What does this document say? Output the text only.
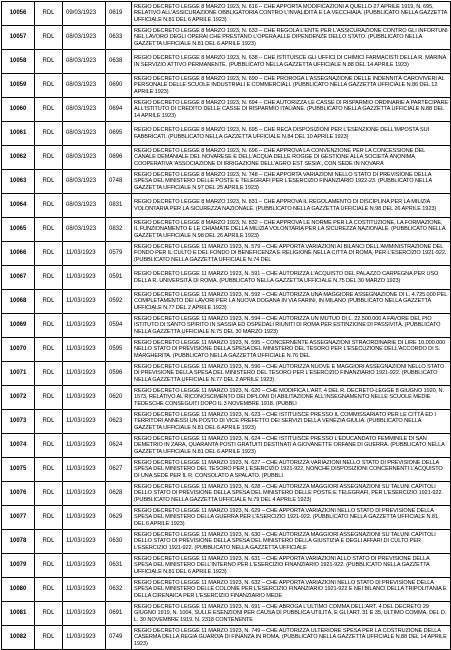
10056	RDL	09/03/1923	0619	REGIO DECRETO LEGGE 8 MARZO 1923, N. 616 – CHE APPORTA MODIFICAZIONI A QUELLO 27 APRILE 1919, N. 695, RELATIVO ALL'ASSICURAZIONE OBBLIGATORIA CONTRO L'INVALIDITÀ E LA VECCHIAIA. (PUBBLICATO NELLA GAZZETTA UFFICIALE N.81 DEL 6 APRILE 1923)
10057	RDL	08/03/1923	0633	REGIO DECRETO LEGGE 8 MARZO 1923, N. 633 – CHE REGOLA L'ENTE PER L'ASSICURAZIONE CONTRO GLI INFORTUNI NEL LAVORO DEGLI OPERAI CHE PRESTANO L'OPERA ALLE DIPENDENZE DELLO STATO. (PUBBLICATO NELLA GAZZETTA UFFICIALE N.81 DEL 6 APRILE 1923)
10058	RDL	08/03/1923	0638	REGIO DECRETO LEGGE 8 MARZO 1923, N. 638 – CHE ISTITUISCE GLI UFFICI DI CHIMICI FARMACISTI DELLA R. MARINA IN SERVIZIO ATTIVO PERMANENTE. (PUBBLICATO NELLA GAZZETTA UFFICIALE N.88 DEL 14 APRILE 1923)
10059	RDL	08/03/1923	0690	REGIO DECRETO LEGGE 8 MARZO 1923, N. 690 – CHE PROROGA L'ASSEGNAZIONE DELLE INDENNITÀ CAROVIVERI AL PERSONALE DELLE SCUOLE INDUSTRIALI E COMMERCIALI. (PUBBLICATO NELLA GAZZETTA UFFICIALE N.86 DEL 12 APRILE 1923)
10060	RDL	08/03/1923	0694	REGIO DECRETO LEGGE 8 MARZO 1923, N. 694 – CHE AUTORIZZA LE CASSE DI RISPARMIO ORDINARIE A PARTECIPARE ALL'ISTITUTO DI CREDITO DELLE CASSE DI RISPARMIO ITALIANE. (PUBBLICATO NELLA GAZZETTA UFFICIALE N.88 DEL 14 APRILE 1923)
10061	RDL	08/03/1923	0695	REGIO DECRETO LEGGE 8 MARZO 1923, N. 695 – CHE RECA DISPOSIZIONI PER L'ESENZIONE DELL'IMPOSTA SUI FABBRICATI. (PUBBLICATO NELLA GAZZETTA UFFICIALE N.84 DEL 10 APRILE 1923)
10062	RDL	08/03/1923	0696	REGIO DECRETO LEGGE 8 MARZO 1923, N. 696 – CHE APPROVA LA CONVENZIONE PER LA CONCESSIONE DEL CANALE DEMANIALE DEL NOVARESE E DELL'ACQUA DELLE ROGGE DI GESTIONE ALLA SOCIETÀ ANONIMA COOPERATIVA 'ASSOCIAZIONE DI IRRIGAZIONE DELL'AGRO EST SESIA', CON SEDE IN NOVARA
10063	RDL	08/03/1923	0748	REGIO DECRETO LEGGE 8 MARZO 1923, N. 748 – CHE APPORTA VARIAZIONI NELLO STATO DI PREVISIONE DELLA SPESA DEL MINISTERO DELLE POSTE E TELEGRAFI PER L'ESERCIZIO FINANZIARIO 1922-23. (PUBBLICATO NELLA GAZZETTA UFFICIALE N.97 DEL 25 APRILE 1923)
10064	RDL	08/03/1923	0831	REGIO DECRETO LEGGE 8 MARZO 1923, N. 831 – CHE APPROVA IL REGOLAMENTO DI DISCIPLINA PER LA MILIZIA VOLONTARIA PER LA SICUREZZA NAZIONALE. (PUBBLICATO NELLA GAZZETTA UFFICIALE N.98 DEL 26 APRILE 1923)
10065	RDL	08/03/1923	0832	REGIO DECRETO LEGGE 8 MARZO 1923, N. 832 – CHE APPROVA LE NORME PER LA COSTITUZIONE, LA FORMAZIONE, IL FUNZIONAMENTO E LE CHIAMATE DELLA MILIZIA VOLONTARIA PER LA SICUREZZA NAZIONALE. (PUBBLICATO NELLA GAZZETTA UFFICIALE N.98 DEL 26 APRILE 1923)
10066	RDL	11/03/1923	0579	REGIO DECRETO LEGGE 11 MARZO 1923, N. 579 – CHE APPORTA VARIAZIONI AI BILANCI DELL'AMMINISTRAZIONE DEL FONDO PER IL CULTO E DEL FONDO DI BENEFICENZA E RELIGIONE NELLA CITTÀ DI ROMA, PER L'ESERCIZIO 1921-922. (PUBBLICATO NELLA GAZZETTA UFFICIALE N.74 DEL
10067	RDL	11/03/1923	0591	REGIO DECRETO LEGGE 11 MARZO 1923, N. 591 – CHE AUTORIZZA L'ACQUISTO DEL PALAZZO CARPEGNA PER USO DELLA R. UNIVERSITÀ DI ROMA. (PUBBLICATO NELLA GAZZETTA UFFICIALE N.75 DEL 30 MARZO 1923)
10068	RDL	11/03/1923	0592	REGIO DECRETO LEGGE 11 MARZO 1923, N. 592 – CHE AUTORIZZA UNA MAGGIORE ASSEGNAZIONE DI L. 4.725.000 PEL COMPLETAMENTO DEI LAVORI PER LA NUOVA DOGANA IN VIA FARINI, IN MILANO (PUBBLICATO NELLA GAZZETTA UFFICIALE N.77 DEL 2 APRILE 1923)
10069	RDL	11/03/1923	0594	REGIO DECRETO LEGGE 11 MARZO 1923, N. 594 – CHE AUTORIZZA UN MUTUO DI L. 22.500.000 A FAVORE DEL PIO ISTITUTO DI SANTO SPIRITO IN SASSIA ED OSPEDALI RIUNITI DI ROMA PER ESTINZIONE DI PASSIVITÀ. (PUBBLICATO NELLA GAZZETTA UFFICIALE N.75 DEL 30 MARZO 1923)
10070	RDL	11/03/1923	0595	REGIO DECRETO LEGGE 11 MARZO 1923, N. 595 – CONCERNENTE ASSEGNAZIONI STRAORDINARIE DI LIRE 10.000.000 NELLO STATO DI PREVISIONE DELLA SPESA DEL MINISTERO DEL TESORO PER L'ESECUZIONE DELL'ACCORDO DI S. MARGHERITA. (PUBBLICATO NELLA GAZZETTA UFFICIALE N.76 DEL
10071	RDL	11/03/1923	0596	REGIO DECRETO LEGGE 11 MARZO 1923, N. 596 – CHE AUTORIZZA NUOVE E MAGGIORI ASSEGNAZIONI NELLO STATO DI PREVISIONE DELLA SPESA DEL MINISTERO DEL TESORO PER L'ESERCIZIO FINANZIARIO 1921-922. (PUBBLICATO NELLA GAZZETTA UFFICIALE N.77 DEL 2 APRILE 1923)
10072	RDL	11/03/1923	0620	REGIO DECRETO LEGGE 11 MARZO 1923, N. 620 – CHE MODIFICA L'ART. 4 DEL R. DECRETO-LEGGE 8 GIUGNO 1920, N. 1573, RELATIVO AL RICONOSCIMENTO DEI DIPLOMI DI ABILITAZIONE ALL'INSEGNAMENTO NELLE SCUOLE MEDIE TEDESCHE CONSEGUITI DOPO IL 3 NOVEMBRE 1918. (PUBBLI
10073	RDL	11/03/1923	0623	REGIO DECRETO LEGGE 11 MARZO 1923, N. 623 – CHE ISTITUISCE PRESSO IL COMMISSARIATO PER LE CITTÀ ED I TERRITORI ANNESSI UN POSTO DI VICE PREFETTO DEI SERVIZI DELLA VENEZIA GIULIA. (PUBBLICATO NELLA GAZZETTA UFFICIALE N.81 DEL 6 APRILE 1923)
10074	RDL	11/03/1923	0624	REGIO DECRETO LEGGE 11 MARZO 1923, N. 624 – CHE ISTITUISCE PRESSO L'EDUCANDATO FEMMINILE DI SAN DEMETRIO IN ZARA, QUARANTA POSTI GRATUITI DESTINATI A GIOVANETTE ORFANE DI GUERRA. (PUBBLICATO NELLA GAZZETTA UFFICIALE N.81 DEL 6 APRILE 1923)
10075	RDL	11/03/1923	0627	REGIO DECRETO LEGGE 11 MARZO 1923, N. 627 – CHE AUTORIZZA VARIAZIONI NELLO STATO DI PREVISIONE DELLA SPESA DEL MINISTERO DEL TESORO PER L'ESERCIZIO 1921-922, NONCHÉ DISPOSIZIONI CONCERNENTI L'ACQUISTO DI UNA SEDE PER IL R. CONSOLATO A SPALATO. (PUBBLI
10076	RDL	11/03/1923	0628	REGIO DECRETO LEGGE 11 MARZO 1923, N. 628 – CHE AUTORIZZA MAGGIORI ASSEGNAZIONI SU TALUNI CAPITOLI DELLO STATO DI PREVISIONE DELLA SPESA DEL MINISTERO DELLE POSTE E TELEGRAFI, PER L'ESERCIZIO 1921-922. (PUBBLICATO NELLA GAZZETTA UFFICIALE N.79 DEL 4 APRILE 1923)
10077	RDL	11/03/1923	0629	REGIO DECRETO LEGGE 11 MARZO 1923, N. 629 – CHE APPORTA VARIAZIONI NELLO STATO DI PREVISIONE DELLA SPESA DEL MINISTERO DELLA GUERRA PER L'ESERCIZIO 1921-922. (PUBBLICATO NELLA GAZZETTA UFFICIALE N.81 DEL 6 APRILE 1923)
10078	RDL	11/03/1923	0630	REGIO DECRETO LEGGE 11 MARZO 1923, N. 630 – CHE AUTORIZZA MAGGIORI ASSEGNAZIONI SU TALUNI CAPITOLI DELLO STATO DI PREVISIONE DELLA SPESA DEL MINISTERO DELLA GIUSTIZIA E DEGLI AFFARI DI CULTO PER L'ESERCIZIO 1921-922. (PUBBLICATO NELLA GAZZETTA UFFICIALE
10079	RDL	11/03/1923	0631	REGIO DECRETO LEGGE 11 MARZO 1923, N. 631 – CHE APPORTA VARIAZIONI ALLO STATO DI PREVISIONE DELLA SPESA DEL MINISTERO DELL'INTERNO PER L'ESERCIZIO FINANZIARIO 1921-922. (PUBBLICATO NELLA GAZZETTA UFFICIALE N.81 DEL 6 APRILE 1923)
10080	RDL	11/03/1923	0632	REGIO DECRETO LEGGE 11 MARZO 1923, N. 632 – CHE APPORTA VARIAZIONI NELLO STATO DI PREVISIONE DELLA SPESA DEL MINISTERO DELLE COLONIE PER L'ESERCIZIO FINANZIARIO 1921-922 E NEI BILANCI DELLA TRIPOLITANIA E DELLA CIRENAICA PER L'ESERCIZIO FINANZIARIO MEDE
10081	RDL	11/03/1923	0691	REGIO DECRETO LEGGE 11 MARZO 1923, N. 691 – CHE ABROGA L'ULTIMO COMMA DELL'ART. 4 DEL DECRETO 29 GIUGNO 1919, N. 1004, SULLE ESENZIONI PER CAUSA DI PUBBLICA UTILITÀ, E GLI ART. 31 E 35, ULTIMO COMMA, DEL D. L. 30 NOVEMBRE 1919, N. 2318 CONTENENTE
10082	RDL	11/03/1923	0749	REGIO DECRETO LEGGE 11 MARZO 1923, N. 749 – CHE AUTORIZZA ULTERIORE SPESA PER LA COSTRUZIONE DELLA CASERMA DELLA REGIA GUARDIA DI FINANZA IN ROMA. (PUBBLICATO NELLA GAZZETTA UFFICIALE N.88 DEL 14 APRILE 1923)
